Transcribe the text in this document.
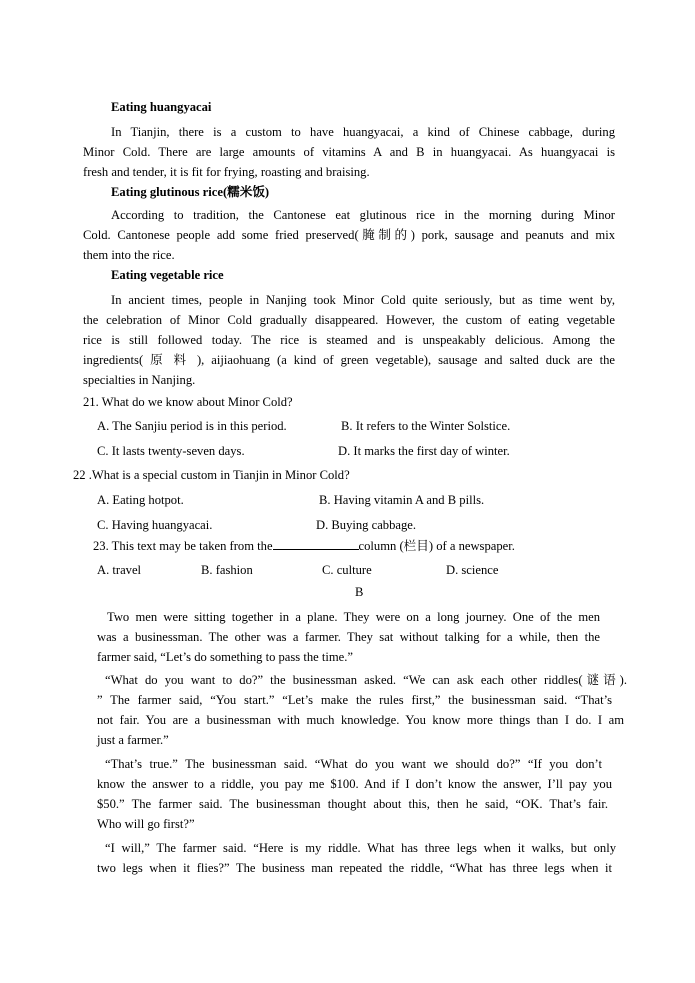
Eating huangyacai
In Tianjin, there is a custom to have huangyacai, a kind of Chinese cabbage, during
Minor Cold. There are large amounts of vitamins A and B in huangyacai. As huangyacai is
fresh and tender, it is fit for frying, roasting and braising.
Eating glutinous rice(糯米饭)
According to tradition, the Cantonese eat glutinous rice in the morning during Minor
Cold. Cantonese people add some fried preserved(腌制的) pork, sausage and peanuts and mix
them into the rice.
Eating vegetable rice
In ancient times, people in Nanjing took Minor Cold quite seriously, but as time went by,
the celebration of Minor Cold gradually disappeared. However, the custom of eating vegetable
rice is still followed today. The rice is steamed and is unspeakably delicious. Among the
ingredients( 原 料 ), aijiaohuang (a kind of green vegetable), sausage and salted duck are the
specialties in Nanjing.
21. What do we know about Minor Cold?
A. The Sanjiu period is in this period.	B. It refers to the Winter Solstice.
C. It lasts twenty-seven days.	D. It marks the first day of winter.
22 .What is a special custom in Tianjin in Minor Cold?
A. Eating hotpot.	B. Having vitamin A and B pills.
C. Having huangyacai.	D. Buying cabbage.
23. This text may be taken from the	column (栏目) of a newspaper.
A. travel	B. fashion	C. culture	D. science
B
Two men were sitting together in a plane. They were on a long journey. One of the men
was a businessman. The other was a farmer. They sat without talking for a while, then the
farmer said, “Let’s do something to pass the time.”
“What do you want to do?” the businessman asked. “We can ask each other riddles(谜语).
” The farmer said, “You start.” “Let’s make the rules first,” the businessman said. “That’s
not fair. You are a businessman with much knowledge. You know more things than I do. I am
just a farmer.”
“That’s true.” The businessman said. “What do you want we should do?” “If you don’t
know the answer to a riddle, you pay me $100. And if I don’t know the answer, I’ll pay you
$50.” The farmer said. The businessman thought about this, then he said, “OK. That’s fair.
Who will go first?”
“I will,” The farmer said. “Here is my riddle. What has three legs when it walks, but only
two legs when it flies?” The business man repeated the riddle, “What has three legs when it
